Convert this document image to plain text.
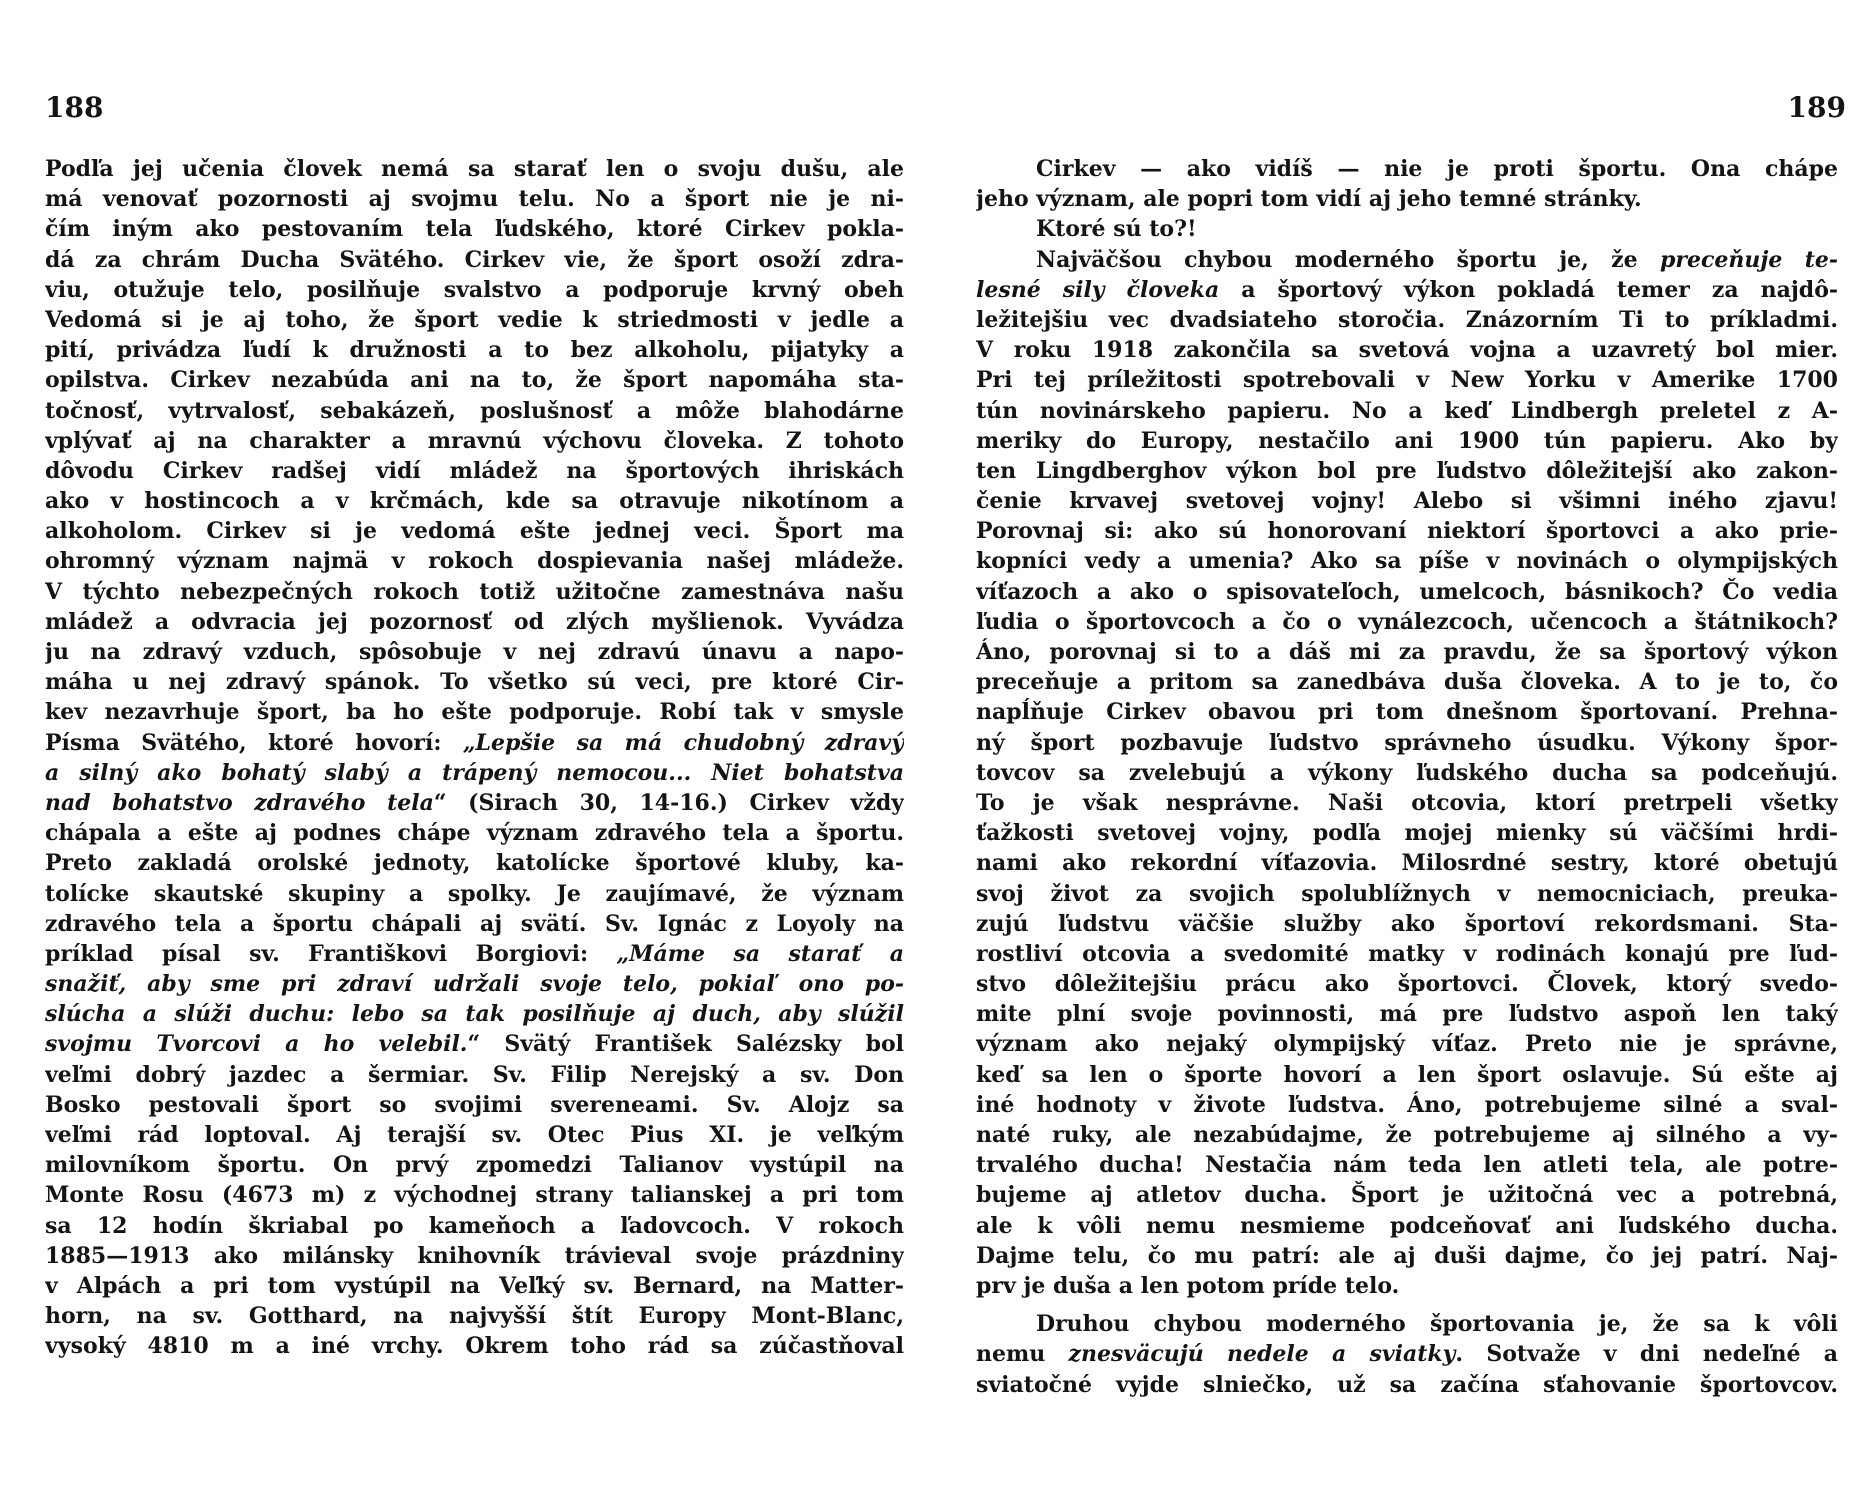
188
Podľa jej učenia človek nemá sa starať len o svoju dušu, ale
má venovať pozornosti aj svojmu telu. No a šport nie je ni-
čím iným ako pestovaním tela ľudského, ktoré Cirkev pokla-
dá za chrám Ducha Svätého. Cirkev vie, že šport osoží zdra-
viu, otužuje telo, posilňuje svalstvo a podporuje krvný obeh
Vedomá si je aj toho, že šport vedie k striedmosti v jedle a
pití, privádza ľudí k družnosti a to bez alkoholu, pijatyky a
opilstva. Cirkev nezabúda ani na to, že šport napomáha sta-
točnosť, vytrvalosť, sebakázeň, poslušnosť a môže blahodárne
vplývať aj na charakter a mravnú výchovu človeka. Z tohoto
dôvodu Cirkev radšej vidí mládež na športových ihriskách
ako v hostincoch a v krčmách, kde sa otravuje nikotínom a
alkoholom. Cirkev si je vedomá ešte jednej veci. Šport ma
ohromný význam najmä v rokoch dospievania našej mládeže.
V týchto nebezpečných rokoch totiž užitočne zamestnáva našu
mládež a odvracia jej pozornosť od zlých myšlienok. Vyvádza
ju na zdravý vzduch, spôsobuje v nej zdravú únavu a napo-
máha u nej zdravý spánok. To všetko sú veci, pre ktoré Cir-
kev nezavrhuje šport, ba ho ešte podporuje. Robí tak v smysle
Písma Svätého, ktoré hovorí: „Lepšie sa má chudobný zdravý
a silný ako bohatý slabý a trápený nemocou... Niet bohatstva
nad bohatstvo zdravého tela“ (Sirach 30, 14-16.) Cirkev vždy
chápala a ešte aj podnes chápe význam zdravého tela a športu.
Preto zakladá orolské jednoty, katolícke športové kluby, ka-
tolícke skautské skupiny a spolky. Je zaujímavé, že význam
zdravého tela a športu chápali aj svätí. Sv. Ignác z Loyoly na
príklad písal sv. Františkovi Borgiovi: „Máme sa starať a
snažiť, aby sme pri zdraví udržali svoje telo, pokiaľ ono po-
slúcha a slúži duchu: lebo sa tak posilňuje aj duch, aby slúžil
svojmu Tvorcovi a ho velebil.“ Svätý František Salézsky bol
veľmi dobrý jazdec a šermiar. Sv. Filip Nerejský a sv. Don
Bosko pestovali šport so svojimi svereneami. Sv. Alojz sa
veľmi rád loptoval. Aj terajší sv. Otec Pius XI. je veľkým
milovníkom športu. On prvý zpomedzi Talianov vystúpil na
Monte Rosu (4673 m) z východnej strany talianskej a pri tom
sa 12 hodín škriabal po kameňoch a ľadovcoch. V rokoch
1885—1913 ako milánsky knihovník trávieval svoje prázdniny
v Alpách a pri tom vystúpil na Veľký sv. Bernard, na Matter-
horn, na sv. Gotthard, na najvyšší štít Europy Mont-Blanc,
vysoký 4810 m a iné vrchy. Okrem toho rád sa zúčastňoval
189
Cirkev — ako vidíš — nie je proti športu. Ona chápe
jeho význam, ale popri tom vidí aj jeho temné stránky.
Ktoré sú to?!
Najväčšou chybou moderného športu je, že preceňuje te-
lesné sily človeka a športový výkon pokladá temer za najdô-
ležitejšiu vec dvadsiateho storočia. Znázorním Ti to príkladmi.
V roku 1918 zakončila sa svetová vojna a uzavretý bol mier.
Pri tej príležitosti spotrebovali v New Yorku v Amerike 1700
tún novinárskeho papieru. No a keď Lindbergh preletel z A-
meriky do Europy, nestačilo ani 1900 tún papieru. Ako by
ten Lingdberghov výkon bol pre ľudstvo dôležitejší ako zakon-
čenie krvavej svetovej vojny! Alebo si všimni iného zjavu!
Porovnaj si: ako sú honorovaní niektorí športovci a ako prie-
kopníci vedy a umenia? Ako sa píše v novinách o olympijských
víťazoch a ako o spisovateľoch, umelcoch, básnikoch? Čo vedia
ľudia o športovcoch a čo o vynálezcoch, učencoch a štátnikoch?
Áno, porovnaj si to a dáš mi za pravdu, že sa športový výkon
preceňuje a pritom sa zanedbáva duša človeka. A to je to, čo
napĺňuje Cirkev obavou pri tom dnešnom športovaní. Prehna-
ný šport pozbavuje ľudstvo správneho úsudku. Výkony špor-
tovcov sa zvelebujú a výkony ľudského ducha sa podceňujú.
To je však nesprávne. Naši otcovia, ktorí pretrpeli všetky
ťažkosti svetovej vojny, podľa mojej mienky sú väčšími hrdi-
nami ako rekordní víťazovia. Milosrdné sestry, ktoré obetujú
svoj život za svojich spolublížnych v nemocniciach, preuka-
zujú ľudstvu väčšie služby ako športoví rekordsmani. Sta-
rostliví otcovia a svedomité matky v rodinách konajú pre ľud-
stvo dôležitejšiu prácu ako športovci. Človek, ktorý svedo-
mite plní svoje povinnosti, má pre ľudstvo aspoň len taký
význam ako nejaký olympijský víťaz. Preto nie je správne,
keď sa len o športe hovorí a len šport oslavuje. Sú ešte aj
iné hodnoty v živote ľudstva. Áno, potrebujeme silné a sval-
naté ruky, ale nezabúdajme, že potrebujeme aj silného a vy-
trvalého ducha! Nestačia nám teda len atleti tela, ale potre-
bujeme aj atletov ducha. Šport je užitočná vec a potrebná,
ale k vôli nemu nesmieme podceňovať ani ľudského ducha.
Dajme telu, čo mu patrí: ale aj duši dajme, čo jej patrí. Naj-
prv je duša a len potom príde telo.
Druhou chybou moderného športovania je, že sa k vôli
nemu znesväcujú nedele a sviatky. Sotvaže v dni nedeľné a
sviatočné vyjde slniečko, už sa začína sťahovanie športovcov.
